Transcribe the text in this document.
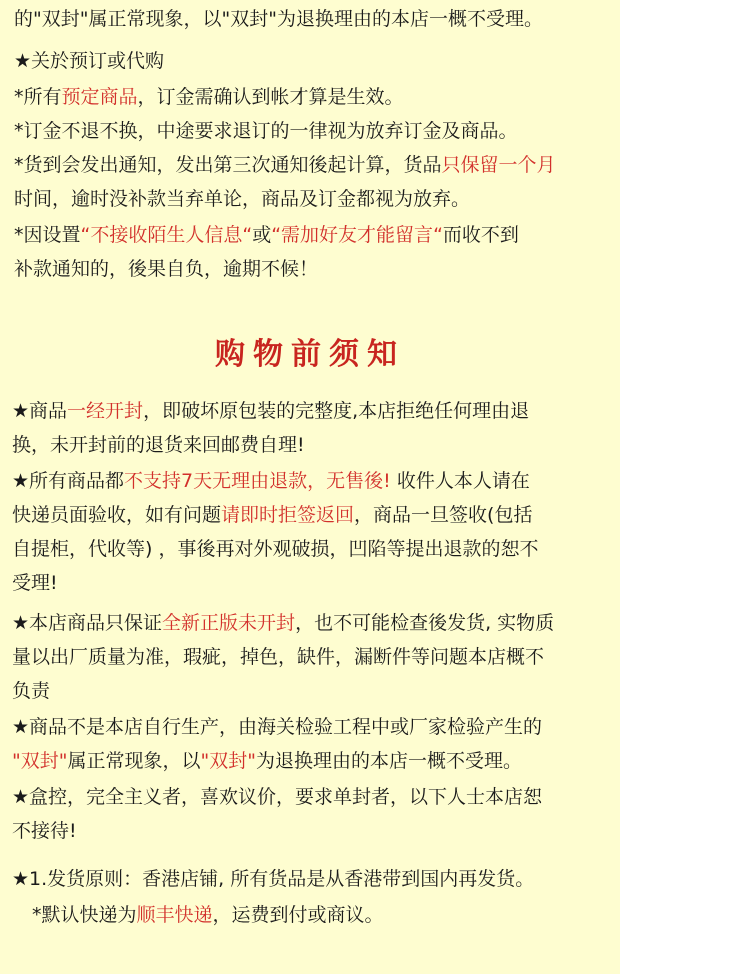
的"双封"属正常现象，以"双封"为退换理由的本店一概不受理。
★关於预订或代购
*所有预定商品，订金需确认到帐才算是生效。
*订金不退不换，中途要求退订的一律视为放弃订金及商品。
*货到会发出通知，发出第三次通知後起计算，货品只保留一个月
时间，逾时没补款当弃单论，商品及订金都视为放弃。
*因设置“不接收陌生人信息“或“需加好友才能留言“而收不到
补款通知的，後果自负，逾期不候！
购物前须知
★商品一经开封，即破坏原包装的完整度,本店拒绝任何理由退
换，未开封前的退货来回邮费自理!
★所有商品都不支持7天无理由退款，无售後! 收件人本人请在
快递员面验收，如有问题请即时拒签返回，商品一旦签收(包括
自提柜，代收等) ，事後再对外观破损，凹陷等提出退款的恕不
受理!
★本店商品只保证全新正版未开封，也不可能检查後发货, 实物质
量以出厂质量为准，瑕疵，掉色，缺件，漏断件等问题本店概不
负责
★商品不是本店自行生产，由海关检验工程中或厂家检验产生的
"双封"属正常现象，以"双封"为退换理由的本店一概不受理。
★盒控，完全主义者，喜欢议价，要求单封者，以下人士本店恕
不接待!
★1.发货原则：香港店铺, 所有货品是从香港带到国内再发货。
*默认快递为顺丰快递，运费到付或商议。
